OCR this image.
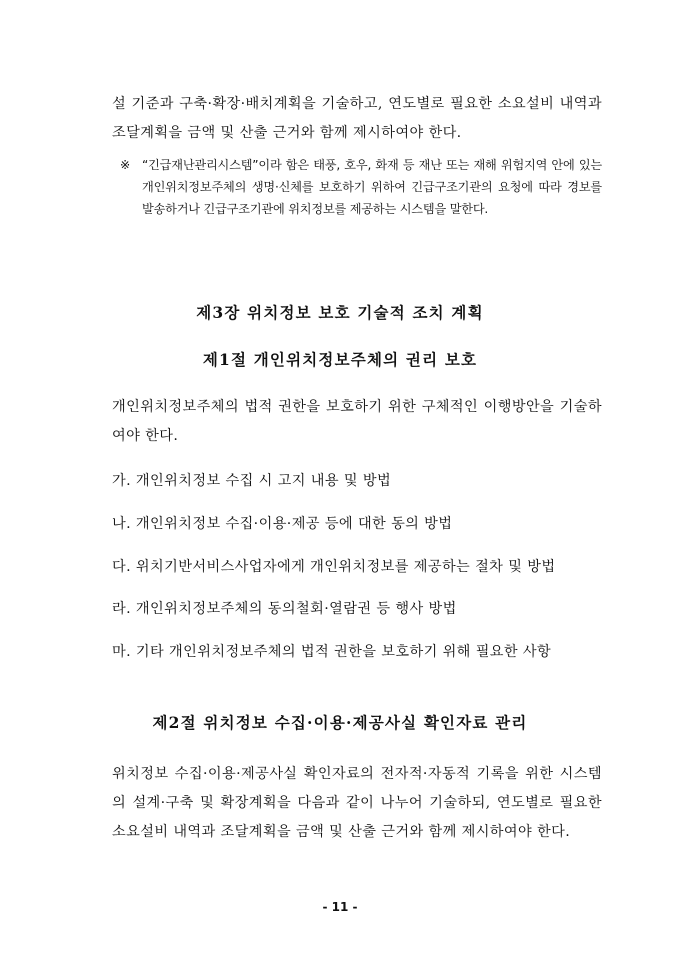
설 기준과 구축·확장·배치계획을 기술하고, 연도별로 필요한 소요설비 내역과 조달계획을 금액 및 산출 근거와 함께 제시하여야 한다.

※ “긴급재난관리시스템”이라 함은 태풍, 호우, 화재 등 재난 또는 재해 위험지역 안에 있는 개인위치정보주체의 생명·신체를 보호하기 위하여 긴급구조기관의 요청에 따라 경보를 발송하거나 긴급구조기관에 위치정보를 제공하는 시스템을 말한다.
제3장 위치정보 보호 기술적 조치 계획
제1절 개인위치정보주체의 권리 보호

개인위치정보주체의 법적 권한을 보호하기 위한 구체적인 이행방안을 기술하여야 한다.

가. 개인위치정보 수집 시 고지 내용 및 방법
나. 개인위치정보 수집·이용·제공 등에 대한 동의 방법
다. 위치기반서비스사업자에게 개인위치정보를 제공하는 절차 및 방법
라. 개인위치정보주체의 동의철회·열람권 등 행사 방법
마. 기타 개인위치정보주체의 법적 권한을 보호하기 위해 필요한 사항
제2절 위치정보 수집·이용·제공사실 확인자료 관리

위치정보 수집·이용·제공사실 확인자료의 전자적·자동적 기록을 위한 시스템의 설계·구축 및 확장계획을 다음과 같이 나누어 기술하되, 연도별로 필요한 소요설비 내역과 조달계획을 금액 및 산출 근거와 함께 제시하여야 한다.

- 11 -
